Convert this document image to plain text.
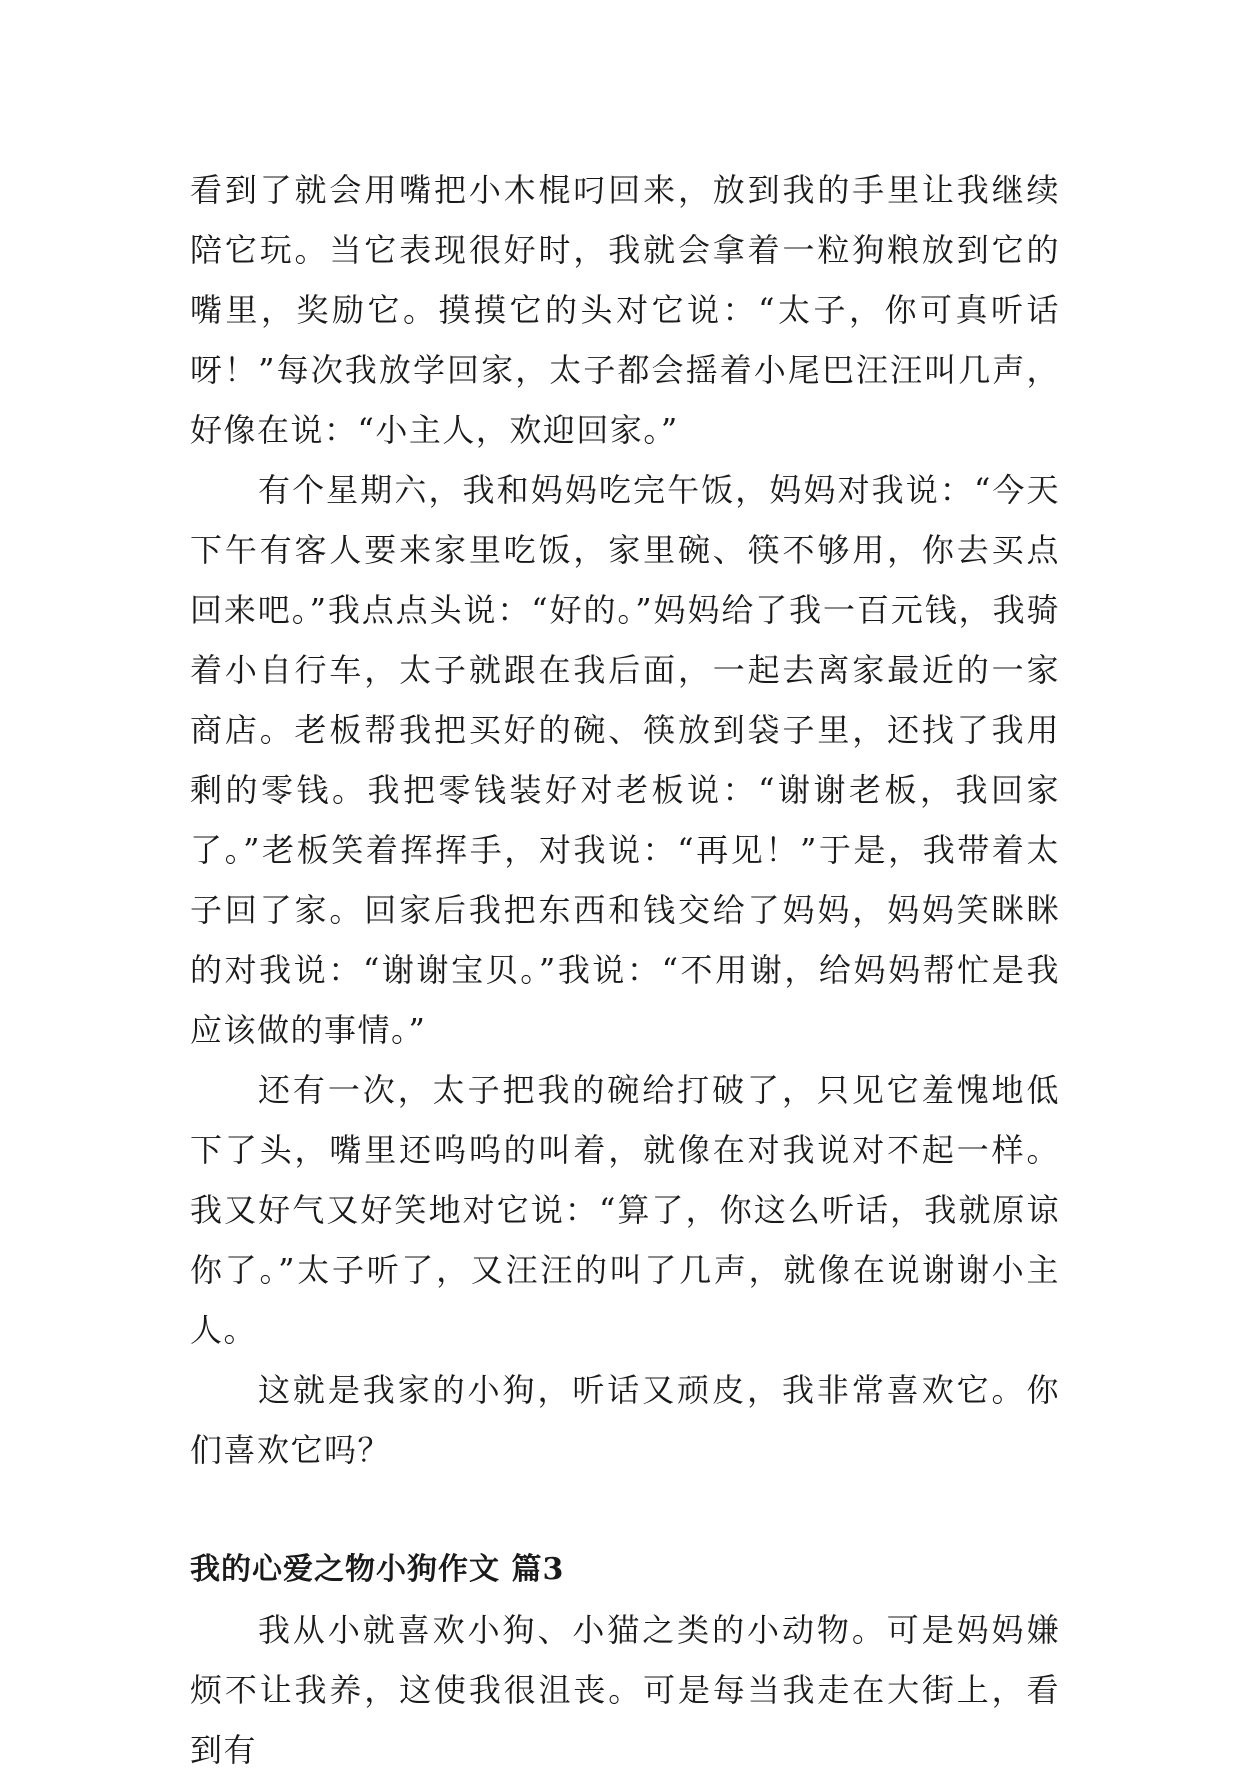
看到了就会用嘴把小木棍叼回来，放到我的手里让我继续陪它玩。当它表现很好时，我就会拿着一粒狗粮放到它的嘴里，奖励它。摸摸它的头对它说：“太子，你可真听话呀！”每次我放学回家，太子都会摇着小尾巴汪汪叫几声，好像在说：“小主人，欢迎回家。”

有个星期六，我和妈妈吃完午饭，妈妈对我说：“今天下午有客人要来家里吃饭，家里碗、筷不够用，你去买点回来吧。”我点点头说：“好的。”妈妈给了我一百元钱，我骑着小自行车，太子就跟在我后面，一起去离家最近的一家商店。老板帮我把买好的碗、筷放到袋子里，还找了我用剩的零钱。我把零钱装好对老板说：“谢谢老板，我回家了。”老板笑着挥挥手，对我说：“再见！”于是，我带着太子回了家。回家后我把东西和钱交给了妈妈，妈妈笑眯眯的对我说：“谢谢宝贝。”我说：“不用谢，给妈妈帮忙是我应该做的事情。”

还有一次，太子把我的碗给打破了，只见它羞愧地低下了头，嘴里还呜呜的叫着，就像在对我说对不起一样。我又好气又好笑地对它说：“算了，你这么听话，我就原谅你了。”太子听了，又汪汪的叫了几声，就像在说谢谢小主人。

这就是我家的小狗，听话又顽皮，我非常喜欢它。你们喜欢它吗？

我的心爱之物小狗作文 篇3

我从小就喜欢小狗、小猫之类的小动物。可是妈妈嫌烦不让我养，这使我很沮丧。可是每当我走在大街上，看到有
